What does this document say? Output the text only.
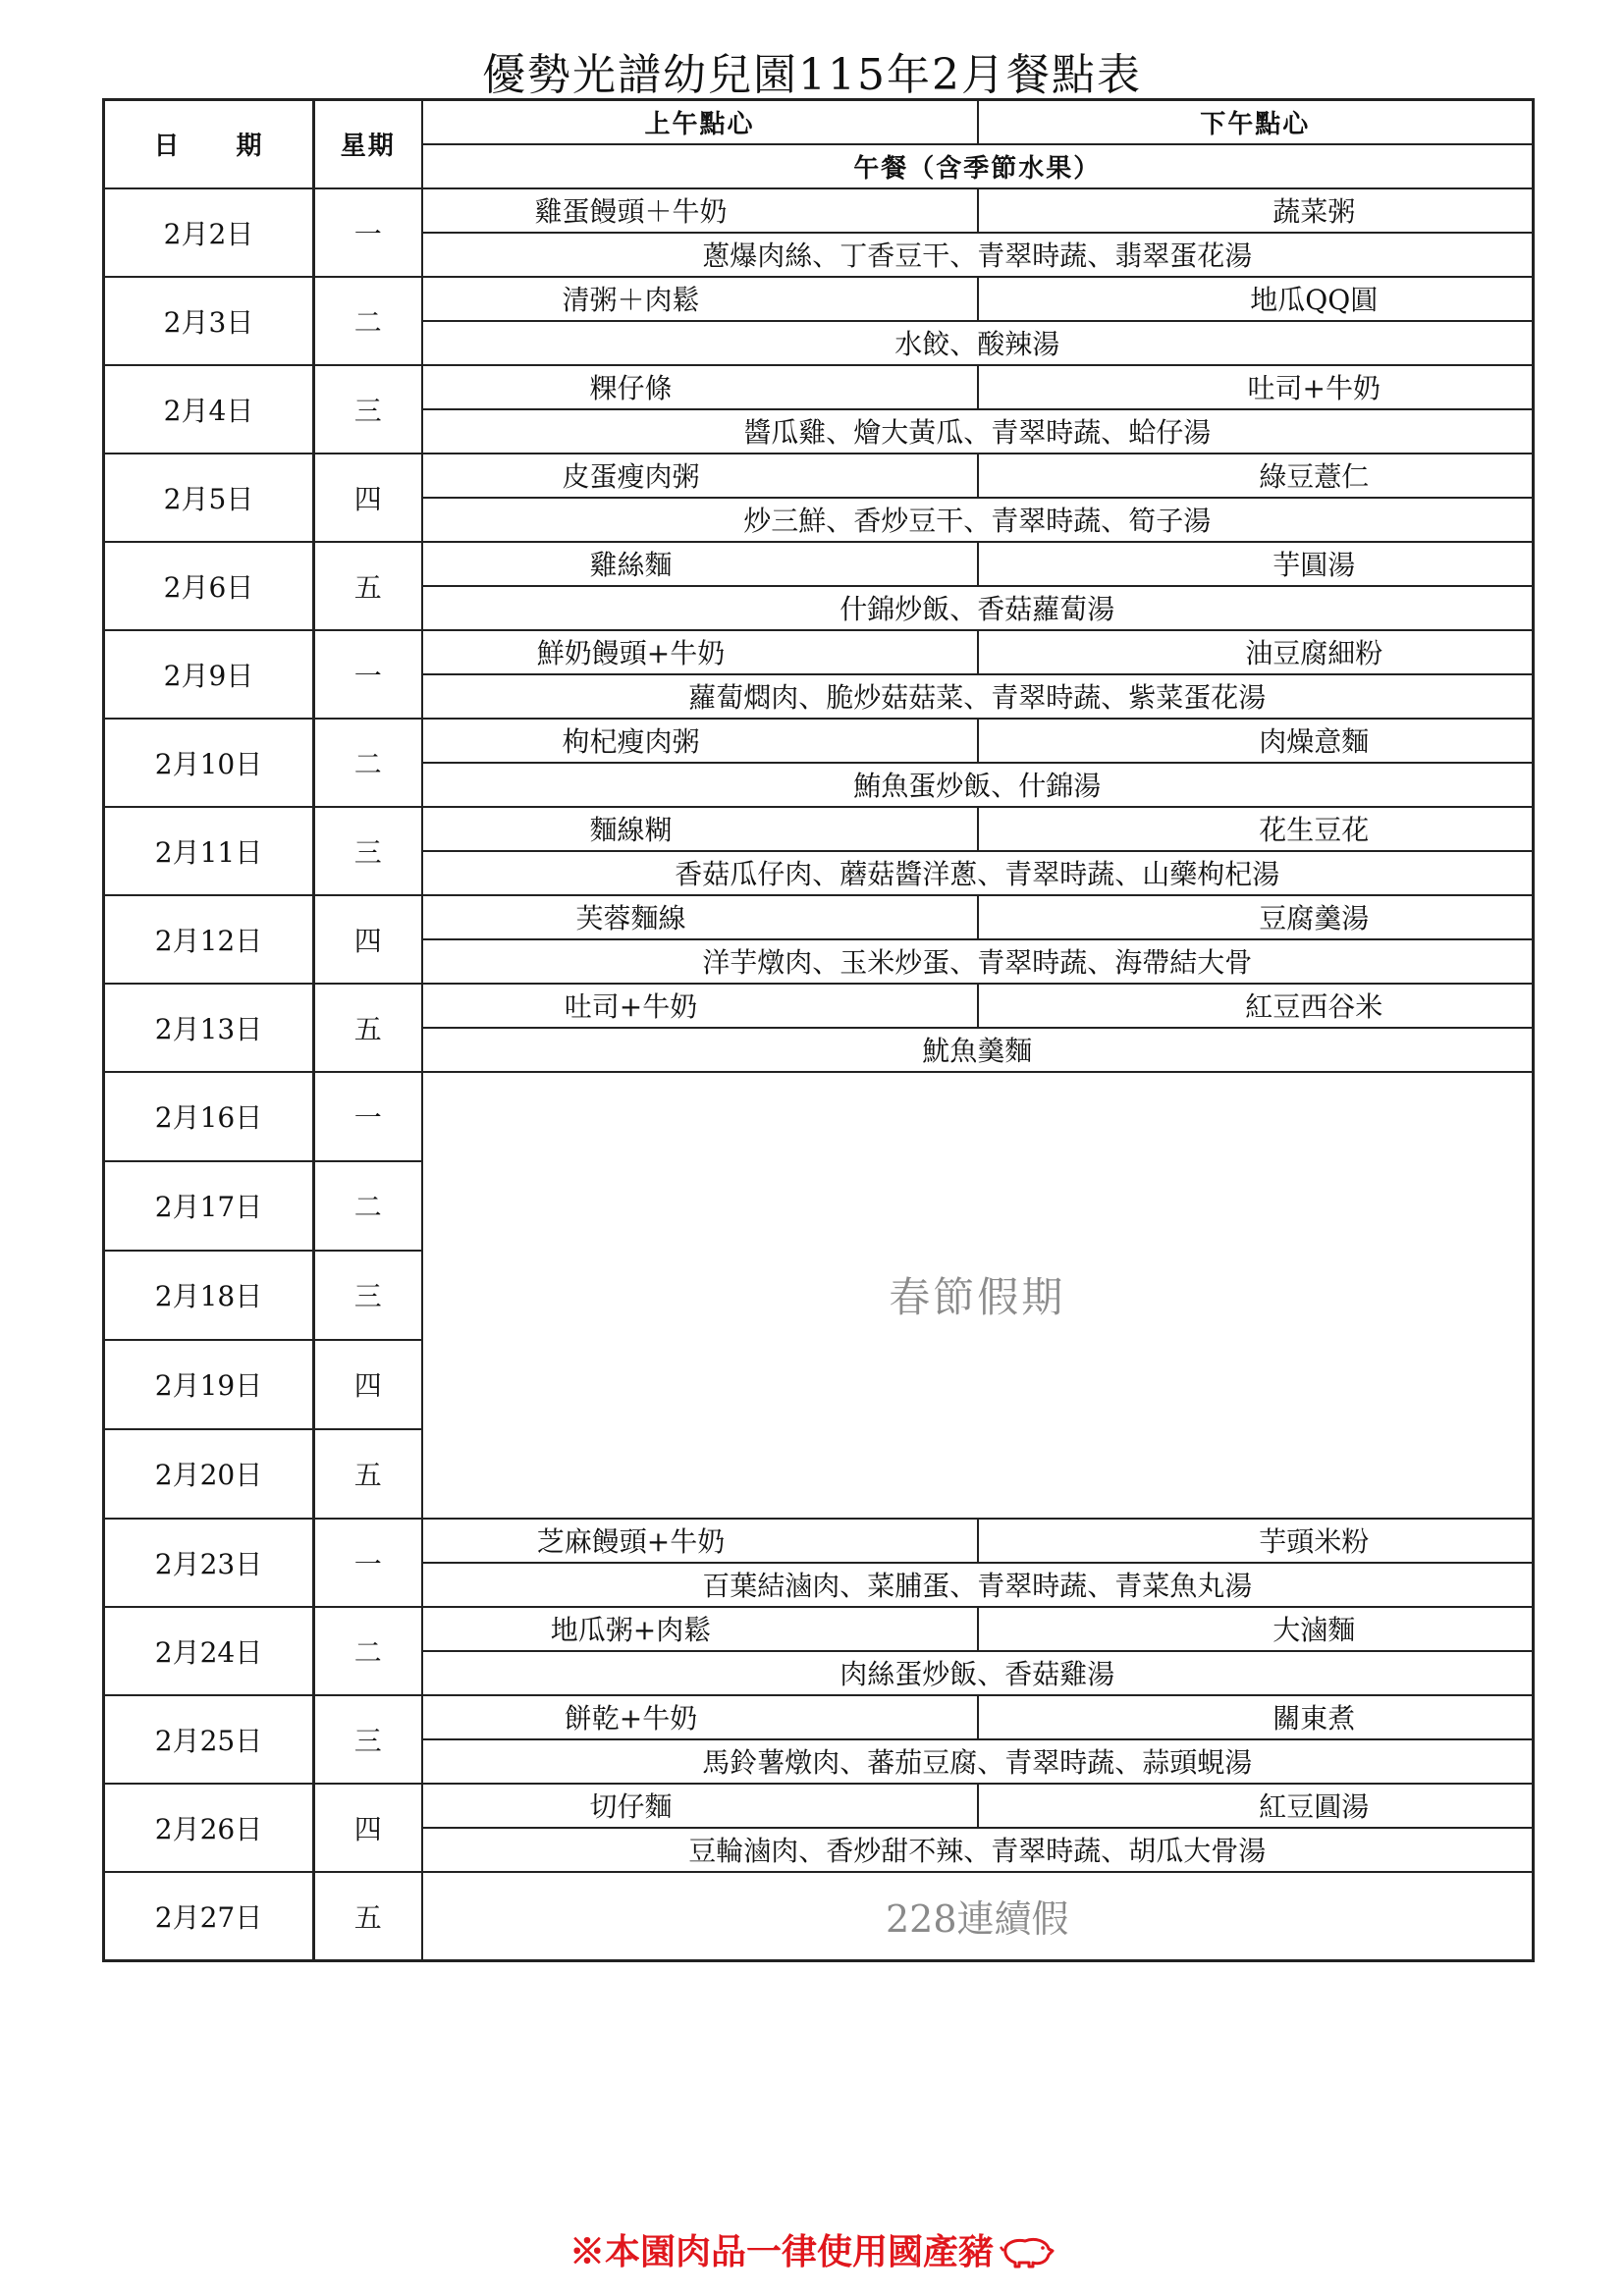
優勢光譜幼兒園115年2月餐點表
日　　期	星期	上午點心	下午點心
		午餐（含季節水果）	
2月2日	一	雞蛋饅頭＋牛奶	蔬菜粥
		蔥爆肉絲、丁香豆干、青翠時蔬、翡翠蛋花湯	
2月3日	二	清粥＋肉鬆	地瓜QQ圓
		水餃、酸辣湯	
2月4日	三	粿仔條	吐司+牛奶
		醬瓜雞、燴大黃瓜、青翠時蔬、蛤仔湯	
2月5日	四	皮蛋瘦肉粥	綠豆薏仁
		炒三鮮、香炒豆干、青翠時蔬、筍子湯	
2月6日	五	雞絲麵	芋圓湯
		什錦炒飯、香菇蘿蔔湯	
2月9日	一	鮮奶饅頭+牛奶	油豆腐細粉
		蘿蔔燜肉、脆炒菇菇菜、青翠時蔬、紫菜蛋花湯	
2月10日	二	枸杞瘦肉粥	肉燥意麵
		鮪魚蛋炒飯、什錦湯	
2月11日	三	麵線糊	花生豆花
		香菇瓜仔肉、蘑菇醬洋蔥、青翠時蔬、山藥枸杞湯	
2月12日	四	芙蓉麵線	豆腐羹湯
		洋芋燉肉、玉米炒蛋、青翠時蔬、海帶結大骨	
2月13日	五	吐司+牛奶	紅豆西谷米
		魷魚羹麵	
2月16日	一	春節假期	
2月17日	二		
2月18日	三		
2月19日	四		
2月20日	五		
2月23日	一	芝麻饅頭+牛奶	芋頭米粉
		百葉結滷肉、菜脯蛋、青翠時蔬、青菜魚丸湯	
2月24日	二	地瓜粥+肉鬆	大滷麵
		肉絲蛋炒飯、香菇雞湯	
2月25日	三	餅乾+牛奶	關東煮
		馬鈴薯燉肉、蕃茄豆腐、青翠時蔬、蒜頭蜆湯	
2月26日	四	切仔麵	紅豆圓湯
		豆輪滷肉、香炒甜不辣、青翠時蔬、胡瓜大骨湯	
2月27日	五	228連續假	
※本園肉品一律使用國產豬
